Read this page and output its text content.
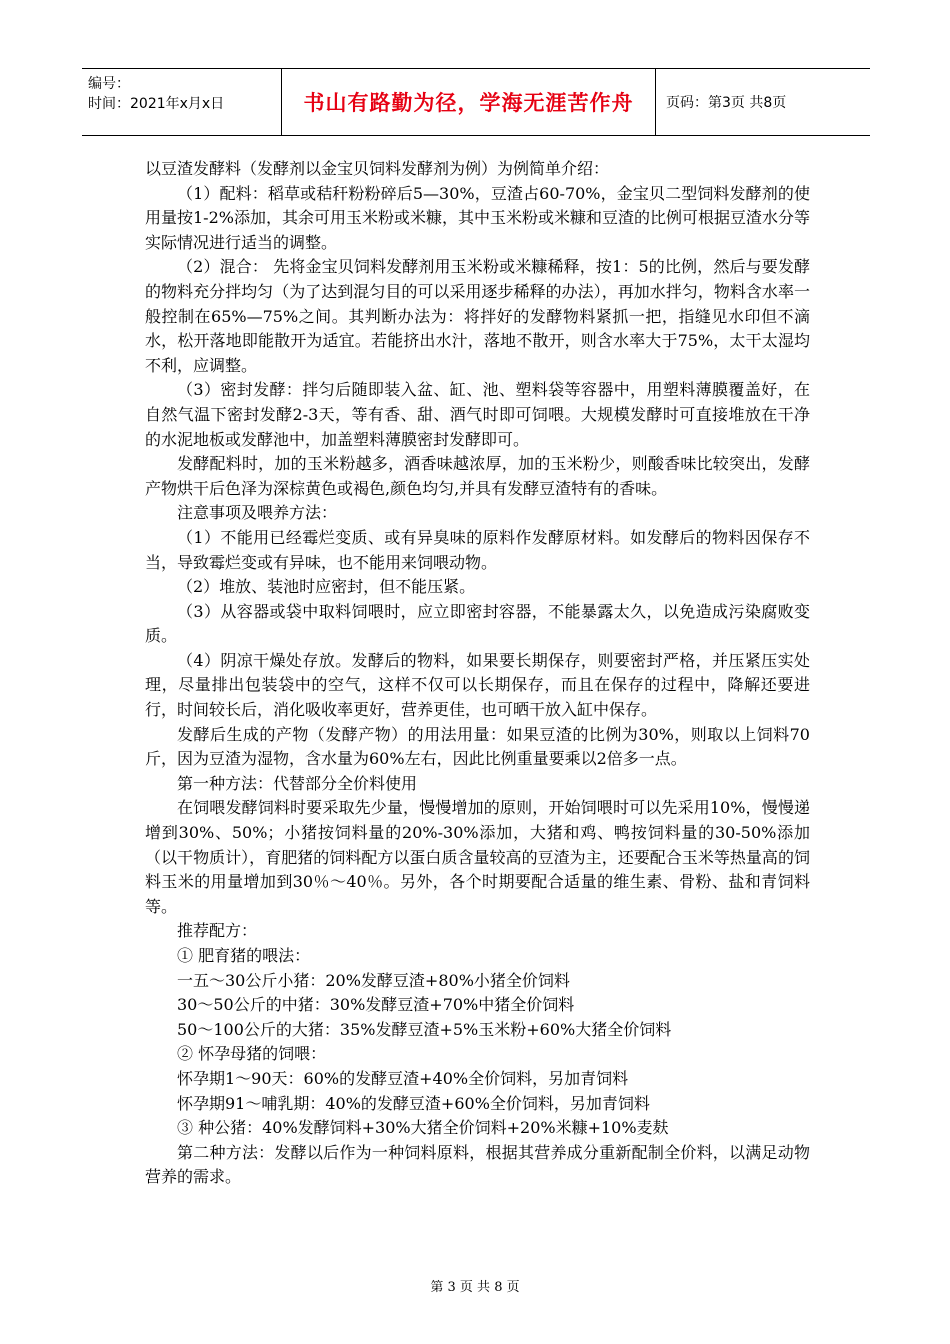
编号：
时间：2021年x月x日	书山有路勤为径，学海无涯苦作舟 页码：第3页 共8页

以豆渣发酵料（发酵剂以金宝贝饲料发酵剂为例）为例简单介绍：

（1）配料：稻草或秸秆粉粉碎后5—30%，豆渣占60-70%，金宝贝二型饲料发酵剂的使用量按1-2%添加，其余可用玉米粉或米糠，其中玉米粉或米糠和豆渣的比例可根据豆渣水分等实际情况进行适当的调整。

（2）混合： 先将金宝贝饲料发酵剂用玉米粉或米糠稀释，按1：5的比例，然后与要发酵的物料充分拌均匀（为了达到混匀目的可以采用逐步稀释的办法），再加水拌匀，物料含水率一般控制在65%—75%之间。其判断办法为：将拌好的发酵物料紧抓一把，指缝见水印但不滴水，松开落地即能散开为适宜。若能挤出水汁，落地不散开，则含水率大于75%，太干太湿均不利，应调整。

（3）密封发酵：拌匀后随即装入盆、缸、池、塑料袋等容器中，用塑料薄膜覆盖好，在自然气温下密封发酵2-3天，等有香、甜、酒气时即可饲喂。大规模发酵时可直接堆放在干净的水泥地板或发酵池中，加盖塑料薄膜密封发酵即可。

发酵配料时，加的玉米粉越多，酒香味越浓厚，加的玉米粉少，则酸香味比较突出，发酵产物烘干后色泽为深棕黄色或褐色,颜色均匀,并具有发酵豆渣特有的香味。

注意事项及喂养方法：

（1）不能用已经霉烂变质、或有异臭味的原料作发酵原材料。如发酵后的物料因保存不当，导致霉烂变或有异味，也不能用来饲喂动物。

（2）堆放、装池时应密封，但不能压紧。

（3）从容器或袋中取料饲喂时，应立即密封容器，不能暴露太久，以免造成污染腐败变质。

（4）阴凉干燥处存放。发酵后的物料，如果要长期保存，则要密封严格，并压紧压实处理，尽量排出包装袋中的空气，这样不仅可以长期保存，而且在保存的过程中，降解还要进行，时间较长后，消化吸收率更好，营养更佳，也可晒干放入缸中保存。

发酵后生成的产物（发酵产物）的用法用量：如果豆渣的比例为30%，则取以上饲料70斤，因为豆渣为湿物，含水量为60%左右，因此比例重量要乘以2倍多一点。

第一种方法：代替部分全价料使用

在饲喂发酵饲料时要采取先少量，慢慢增加的原则，开始饲喂时可以先采用10%，慢慢递增到30%、50%；小猪按饲料量的20%-30%添加，大猪和鸡、鸭按饲料量的30-50%添加（以干物质计），育肥猪的饲料配方以蛋白质含量较高的豆渣为主，还要配合玉米等热量高的饲料玉米的用量增加到30％～40％。另外，各个时期要配合适量的维生素、骨粉、盐和青饲料等。

推荐配方：

① 肥育猪的喂法：

一五～30公斤小猪：20%发酵豆渣+80%小猪全价饲料

30～50公斤的中猪：30%发酵豆渣+70%中猪全价饲料

50～100公斤的大猪：35%发酵豆渣+5%玉米粉+60%大猪全价饲料

② 怀孕母猪的饲喂：

怀孕期1～90天：60%的发酵豆渣+40%全价饲料，另加青饲料

怀孕期91～哺乳期：40%的发酵豆渣+60%全价饲料，另加青饲料

③ 种公猪：40%发酵饲料+30%大猪全价饲料+20%米糠+10%麦麸

第二种方法：发酵以后作为一种饲料原料，根据其营养成分重新配制全价料，以满足动物营养的需求。

第 3 页 共 8 页
